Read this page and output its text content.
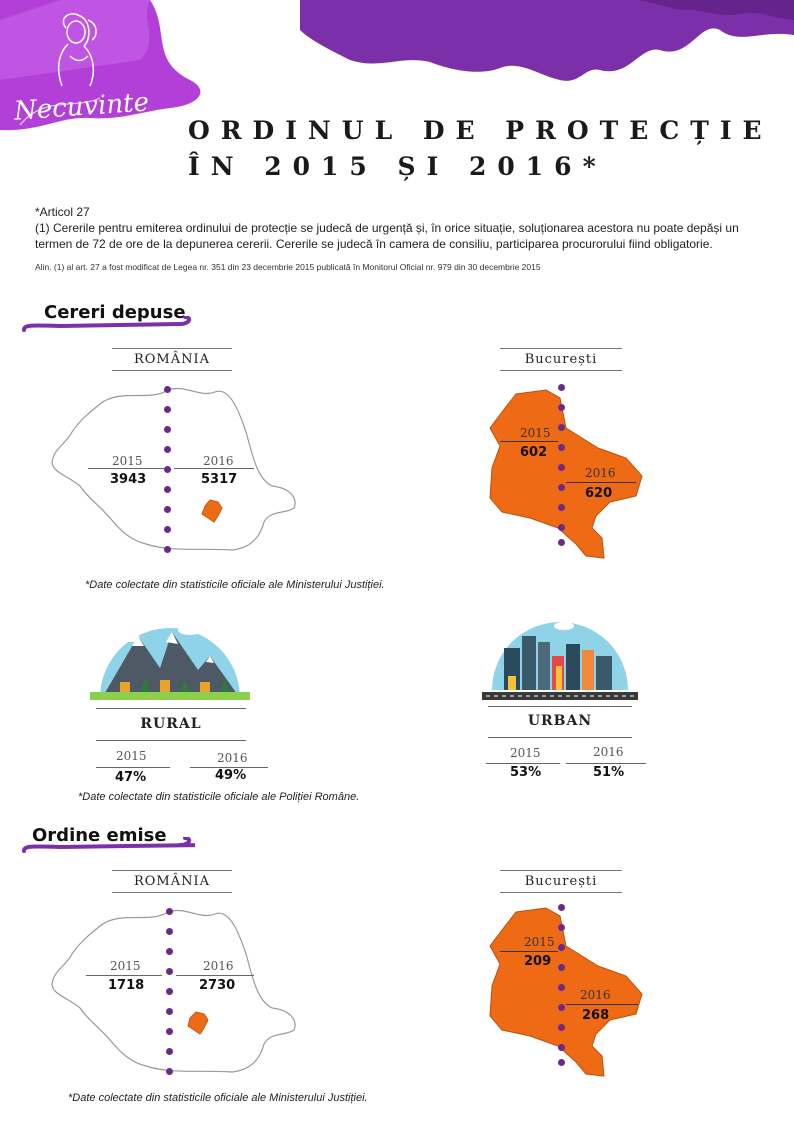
Necuvinte
ORDINUL DE PROTECȚIE
ÎN 2015 ȘI 2016*
*Articol 27
(1) Cererile pentru emiterea ordinului de protecție se judecă de urgență și, în orice situație, soluționarea acestora nu poate depăși un termen de 72 de ore de la depunerea cererii. Cererile se judecă în camera de consiliu, participarea procurorului fiind obligatorie.
Alin. (1) al art. 27 a fost modificat de Legea nr. 351 din 23 decembrie 2015 publicată în Monitorul Oficial nr. 979 din 30 decembrie 2015
Cereri depuse
ROMÂNIA
2015
3943
2016
5317
București
2015
602
2016
620
*Date colectate din statisticile oficiale ale Ministerului Justiției.
RURAL
2015
47%
2016
49%
URBAN
2015
53%
2016
51%
*Date colectate din statisticile oficiale ale Poliției Române.
Ordine emise
ROMÂNIA
2015
1718
2016
2730
București
2015
209
2016
268
*Date colectate din statisticile oficiale ale Ministerului Justiției.
